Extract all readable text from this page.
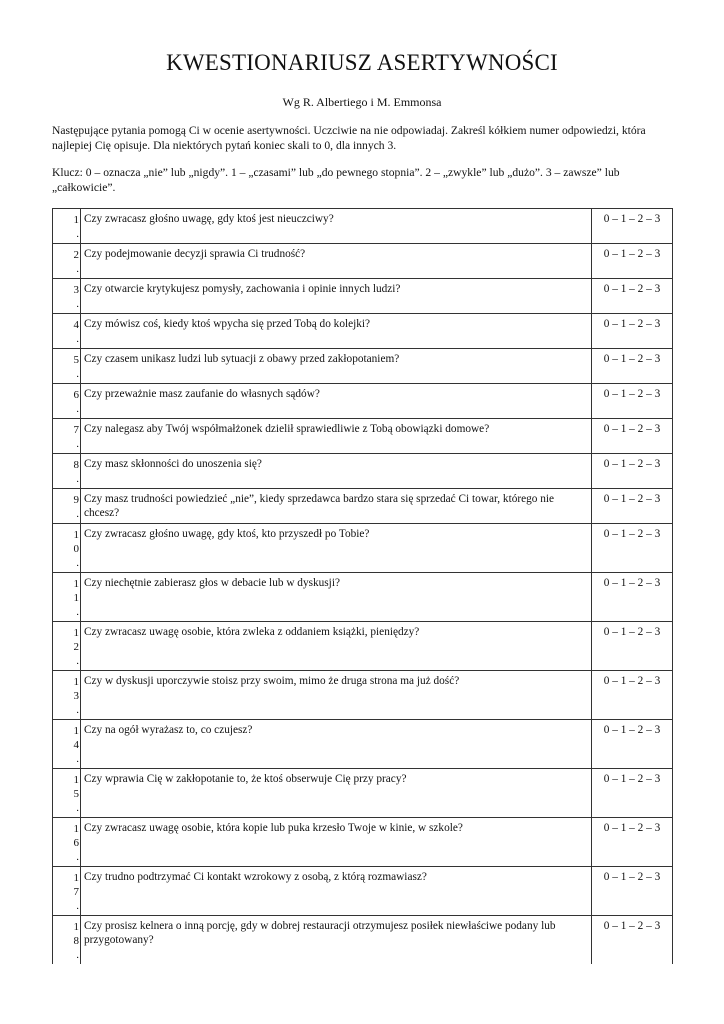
KWESTIONARIUSZ ASERTYWNOŚCI
Wg R. Albertiego i M. Emmonsa
Następujące pytania pomogą Ci w ocenie asertywności. Uczciwie na nie odpowiadaj. Zakreśl kółkiem numer odpowiedzi, która najlepiej Cię opisuje. Dla niektórych pytań koniec skali to 0, dla innych 3.
Klucz: 0 – oznacza „nie” lub „nigdy”. 1 – „czasami” lub „do pewnego stopnia”. 2 – „zwykle” lub „dużo”. 3 – zawsze” lub „całkowicie”.
1.	Czy zwracasz głośno uwagę, gdy ktoś jest nieuczciwy?	0 – 1 – 2 – 3

2.	Czy podejmowanie decyzji sprawia Ci trudność?	0 – 1 – 2 – 3

3.	Czy otwarcie krytykujesz pomysły, zachowania i opinie innych ludzi?	0 – 1 – 2 – 3

4.	Czy mówisz coś, kiedy ktoś wpycha się przed Tobą do kolejki?	0 – 1 – 2 – 3

5.	Czy czasem unikasz ludzi lub sytuacji z obawy przed zakłopotaniem?	0 – 1 – 2 – 3

6.	Czy przeważnie masz zaufanie do własnych sądów?	0 – 1 – 2 – 3

7.	Czy nalegasz aby Twój współmałżonek dzielił sprawiedliwie z Tobą obowiązki domowe?	0 – 1 – 2 – 3

8.	Czy masz skłonności do unoszenia się?	0 – 1 – 2 – 3

9.	Czy masz trudności powiedzieć „nie”, kiedy sprzedawca bardzo stara się sprzedać Ci towar, którego nie chcesz?	0 – 1 – 2 – 3

10.	Czy zwracasz głośno uwagę, gdy ktoś, kto przyszedł po Tobie?	0 – 1 – 2 – 3

11.	Czy niechętnie zabierasz głos w debacie lub w dyskusji?	0 – 1 – 2 – 3

12.	Czy zwracasz uwagę osobie, która zwleka z oddaniem książki, pieniędzy?	0 – 1 – 2 – 3

13.	Czy w dyskusji uporczywie stoisz przy swoim, mimo że druga strona ma już dość?	0 – 1 – 2 – 3

14.	Czy na ogół wyrażasz to, co czujesz?	0 – 1 – 2 – 3

15.	Czy wprawia Cię w zakłopotanie to, że ktoś obserwuje Cię przy pracy?	0 – 1 – 2 – 3

16.	Czy zwracasz uwagę osobie, która kopie lub puka krzesło Twoje w kinie, w szkole?	0 – 1 – 2 – 3

17.	Czy trudno podtrzymać Ci kontakt wzrokowy z osobą, z którą rozmawiasz?	0 – 1 – 2 – 3

18.	Czy prosisz kelnera o inną porcję, gdy w dobrej restauracji otrzymujesz posiłek niewłaściwe podany lub przygotowany?	0 – 1 – 2 – 3
